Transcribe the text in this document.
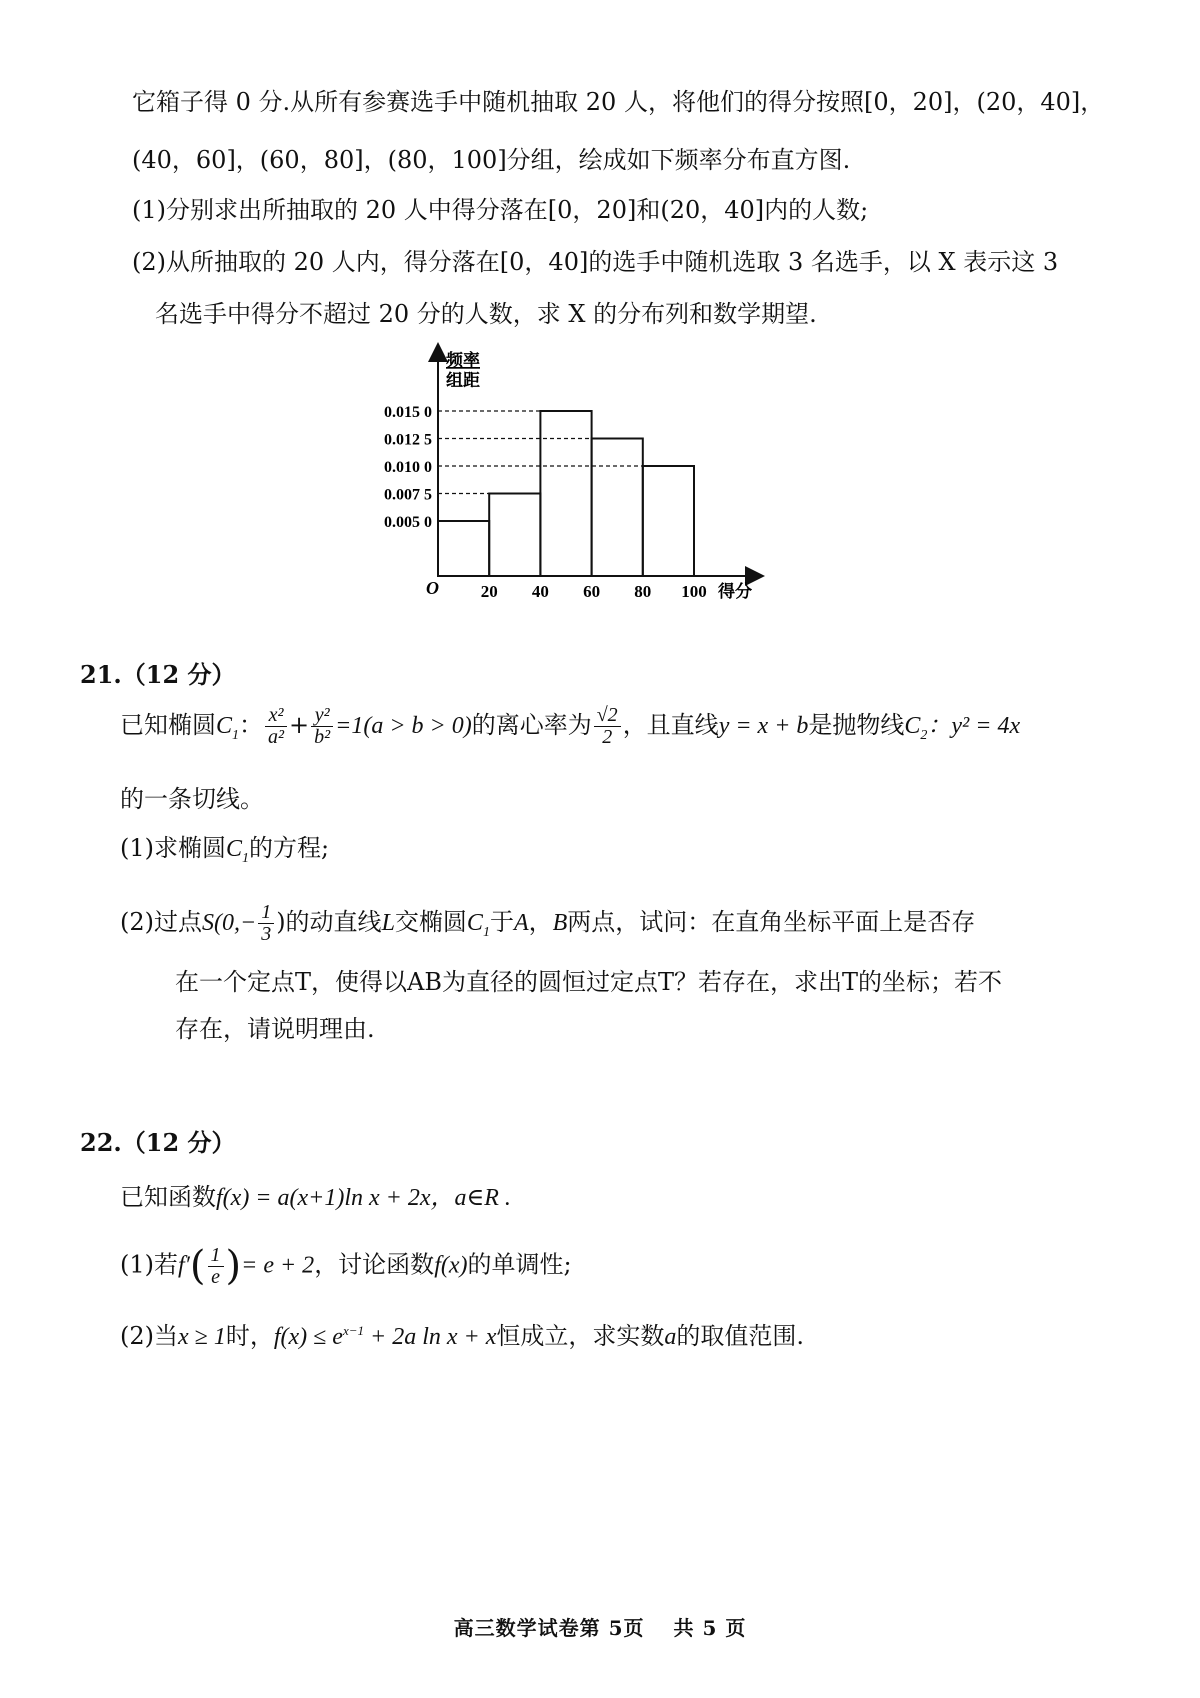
它箱子得 0 分.从所有参赛选手中随机抽取 20 人，将他们的得分按照[0，20]，(20，40]，
(40，60]，(60，80]，(80，100]分组，绘成如下频率分布直方图.
(1)分别求出所抽取的 20 人中得分落在[0，20]和(20，40]内的人数;
(2)从所抽取的 20 人内，得分落在[0，40]的选手中随机选取 3 名选手，以 X 表示这 3
名选手中得分不超过 20 分的人数，求 X 的分布列和数学期望.
频率
组距
O	得分
0.015 0
0.012 5
0.010 0
0.007 5
0.005 0
20 40 60 80 100
21.（12 分）
已知椭圆$C_1$： $\frac{\text{x²}}{\text{a²}} + \frac{\text{y²}}{\text{b²}} =1(a > b > 0)$的离心率为 $\frac{√2}{2}$ ，且直线y = x + b是抛物线$C_2$：y² = 4x
的一条切线。
(1)求椭圆$C_1$的方程;
(2)过点$S(0,- \frac{1}{3}$ )的动直线L交椭圆$C_1$于A，B两点，试问：在直角坐标平面上是否存
在一个定点T，使得以AB为直径的圆恒过定点T？若存在，求出T的坐标；若不
存在，请说明理由.
22.（12 分）
已知函数f(x) = a(x+1)ln x + 2x，a∈R .
(1)若$f'( \frac{1}{e}$ )= e + 2，讨论函数f(x)的单调性;
(2)当x ≥ 1时，$f(x) \le e^{x-1} + 2a$ ln x + x恒成立，求实数a的取值范围.
高三数学试卷第 5页　 共 5 页
